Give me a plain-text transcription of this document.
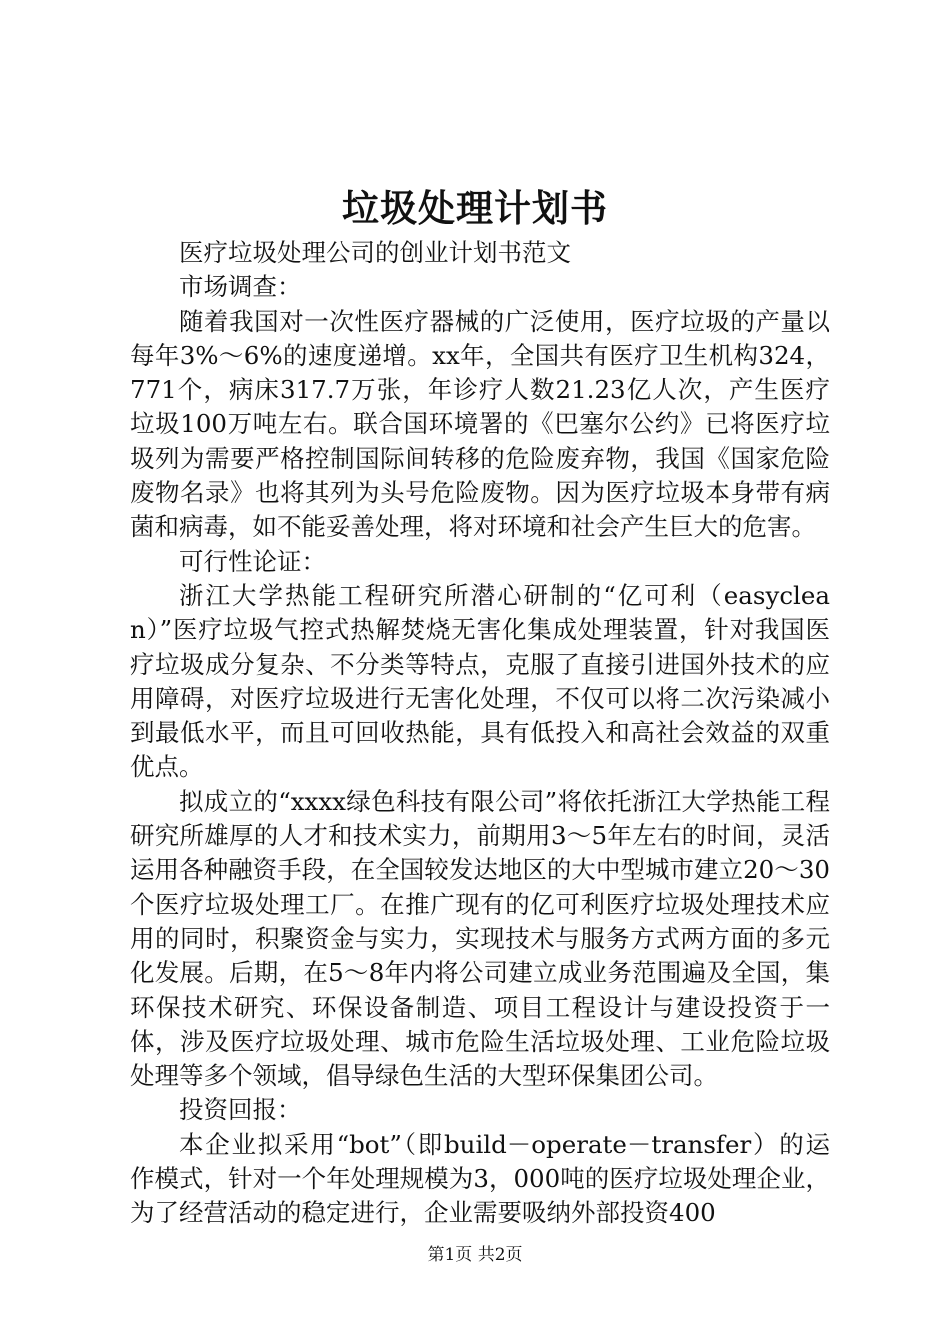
垃圾处理计划书

医疗垃圾处理公司的创业计划书范文

市场调查：

随着我国对一次性医疗器械的广泛使用，医疗垃圾的产量以每年3%～6%的速度递增。xx年，全国共有医疗卫生机构324，771个，病床317.7万张，年诊疗人数21.23亿人次，产生医疗垃圾100万吨左右。联合国环境署的《巴塞尔公约》已将医疗垃圾列为需要严格控制国际间转移的危险废弃物，我国《国家危险废物名录》也将其列为头号危险废物。因为医疗垃圾本身带有病菌和病毒，如不能妥善处理，将对环境和社会产生巨大的危害。

可行性论证：

浙江大学热能工程研究所潜心研制的“亿可利（easyclean）”医疗垃圾气控式热解焚烧无害化集成处理装置，针对我国医疗垃圾成分复杂、不分类等特点，克服了直接引进国外技术的应用障碍，对医疗垃圾进行无害化处理，不仅可以将二次污染减小到最低水平，而且可回收热能，具有低投入和高社会效益的双重优点。

拟成立的“xxxx绿色科技有限公司”将依托浙江大学热能工程研究所雄厚的人才和技术实力，前期用3～5年左右的时间，灵活运用各种融资手段，在全国较发达地区的大中型城市建立20～30个医疗垃圾处理工厂。在推广现有的亿可利医疗垃圾处理技术应用的同时，积聚资金与实力，实现技术与服务方式两方面的多元化发展。后期，在5～8年内将公司建立成业务范围遍及全国，集环保技术研究、环保设备制造、项目工程设计与建设投资于一体，涉及医疗垃圾处理、城市危险生活垃圾处理、工业危险垃圾处理等多个领域，倡导绿色生活的大型环保集团公司。

投资回报：

本企业拟采用“bot”（即build－operate－transfer）的运作模式，针对一个年处理规模为3，000吨的医疗垃圾处理企业，为了经营活动的稳定进行，企业需要吸纳外部投资400

第1页 共2页
